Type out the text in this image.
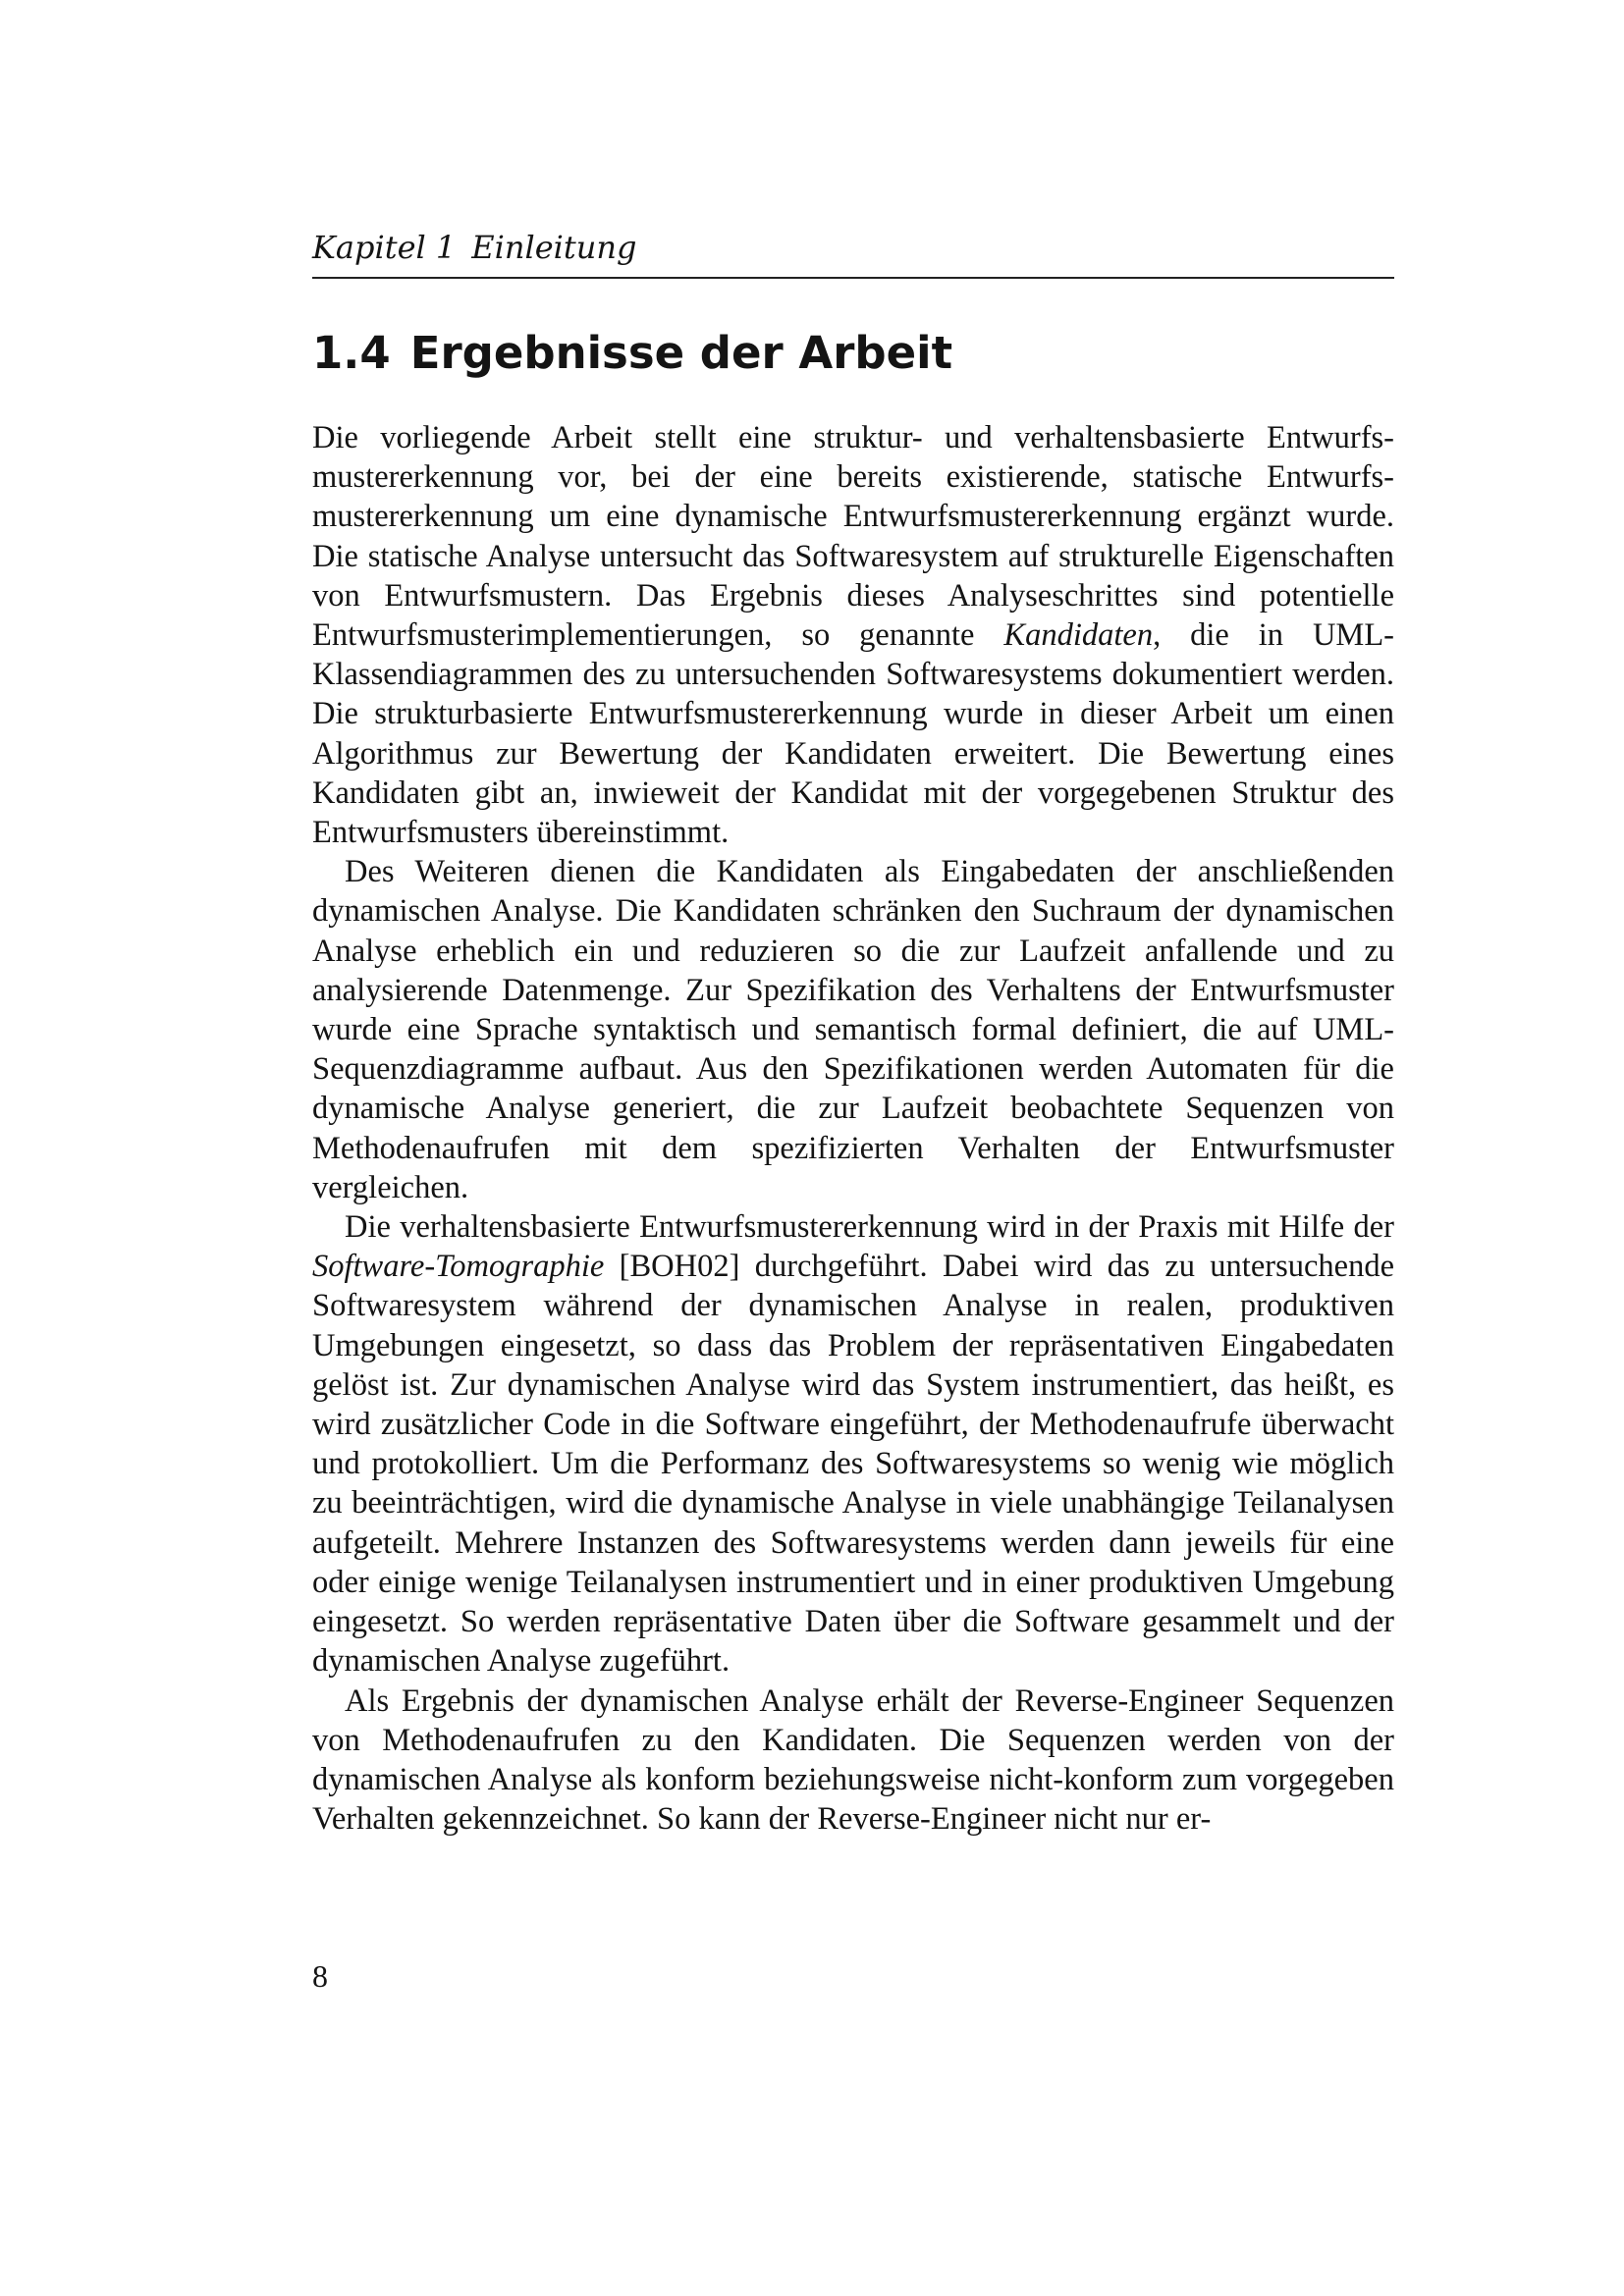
Kapitel 1 Einleitung
1.4 Ergebnisse der Arbeit

Die vorliegende Arbeit stellt eine struktur- und verhaltensbasierte Entwurfsmustererkennung vor, bei der eine bereits existierende, statische Entwurfsmustererkennung um eine dynamische Entwurfsmustererkennung ergänzt wurde. Die statische Analyse untersucht das Softwaresystem auf strukturelle Eigenschaften von Entwurfsmustern. Das Ergebnis dieses Analyseschrittes sind potentielle Entwurfsmusterimplementierungen, so genannte Kandidaten, die in UML-Klassendiagrammen des zu untersuchenden Softwaresystems dokumentiert werden. Die strukturbasierte Entwurfsmustererkennung wurde in dieser Arbeit um einen Algorithmus zur Bewertung der Kandidaten erweitert. Die Bewertung eines Kandidaten gibt an, inwieweit der Kandidat mit der vorgegebenen Struktur des Entwurfsmusters übereinstimmt.

Des Weiteren dienen die Kandidaten als Eingabedaten der anschließenden dynamischen Analyse. Die Kandidaten schränken den Suchraum der dynamischen Analyse erheblich ein und reduzieren so die zur Laufzeit anfallende und zu analysierende Datenmenge. Zur Spezifikation des Verhaltens der Entwurfsmuster wurde eine Sprache syntaktisch und semantisch formal definiert, die auf UML-Sequenzdiagramme aufbaut. Aus den Spezifikationen werden Automaten für die dynamische Analyse generiert, die zur Laufzeit beobachtete Sequenzen von Methodenaufrufen mit dem spezifizierten Verhalten der Entwurfsmuster vergleichen.

Die verhaltensbasierte Entwurfsmustererkennung wird in der Praxis mit Hilfe der Software-Tomographie [BOH02] durchgeführt. Dabei wird das zu untersuchende Softwaresystem während der dynamischen Analyse in realen, produktiven Umgebungen eingesetzt, so dass das Problem der repräsentativen Eingabedaten gelöst ist. Zur dynamischen Analyse wird das System instrumentiert, das heißt, es wird zusätzlicher Code in die Software eingeführt, der Methodenaufrufe überwacht und protokolliert. Um die Performanz des Softwaresystems so wenig wie möglich zu beeinträchtigen, wird die dynamische Analyse in viele unabhängige Teilanalysen aufgeteilt. Mehrere Instanzen des Softwaresystems werden dann jeweils für eine oder einige wenige Teilanalysen instrumentiert und in einer produktiven Umgebung eingesetzt. So werden repräsentative Daten über die Software gesammelt und der dynamischen Analyse zugeführt.

Als Ergebnis der dynamischen Analyse erhält der Reverse-Engineer Sequenzen von Methodenaufrufen zu den Kandidaten. Die Sequenzen werden von der dynamischen Analyse als konform beziehungsweise nicht-konform zum vorgegeben Verhalten gekennzeichnet. So kann der Reverse-Engineer nicht nur er-

8
